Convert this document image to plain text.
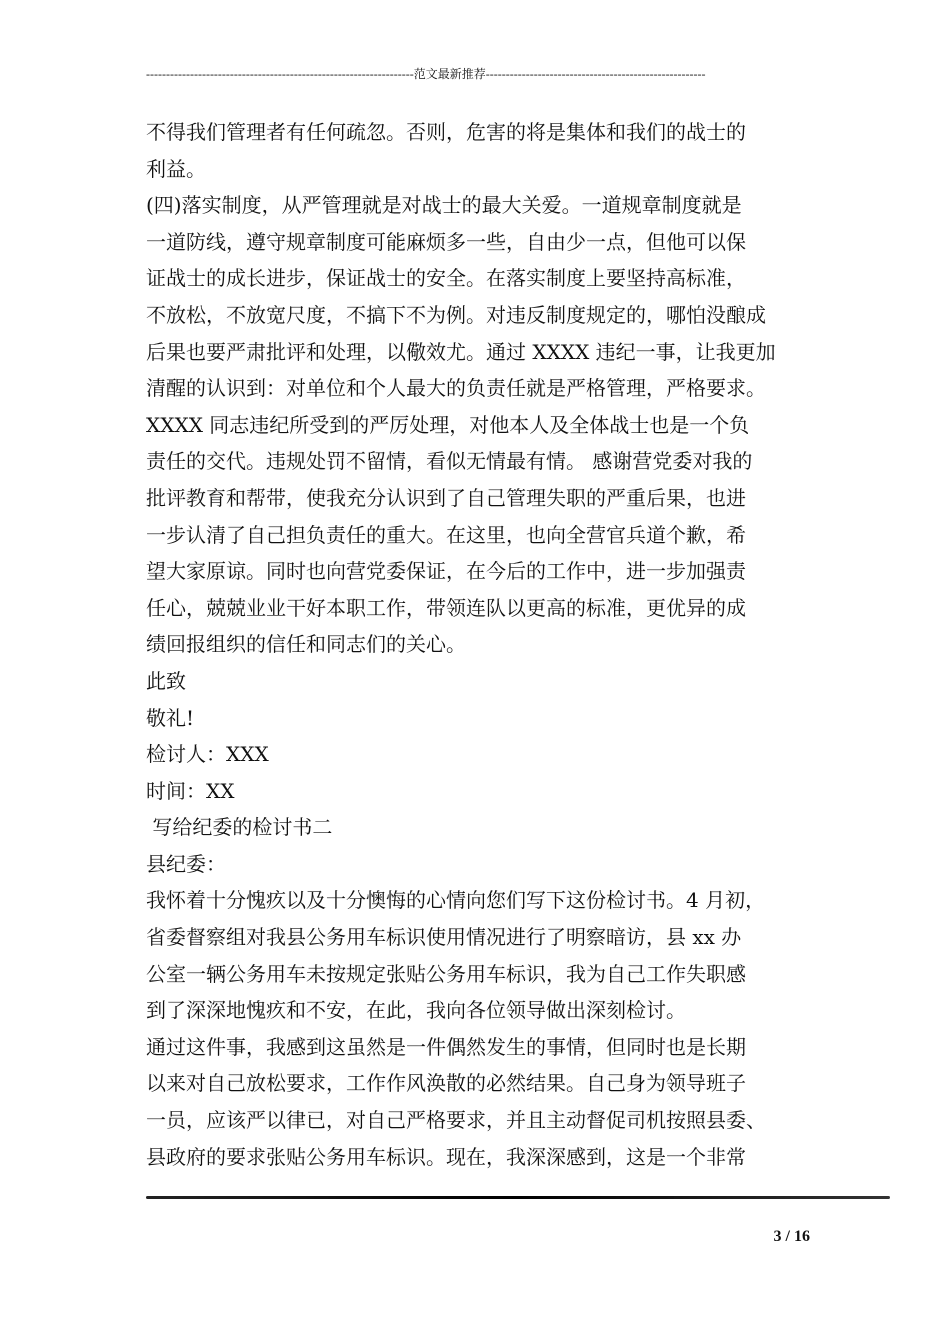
-------------------------------------------------------------------范文最新推荐-------------------------------------------------------
不得我们管理者有任何疏忽。否则，危害的将是集体和我们的战士的
利益。
(四)落实制度，从严管理就是对战士的最大关爱。一道规章制度就是
一道防线，遵守规章制度可能麻烦多一些，自由少一点，但他可以保
证战士的成长进步，保证战士的安全。在落实制度上要坚持高标准，
不放松，不放宽尺度，不搞下不为例。对违反制度规定的，哪怕没酿成
后果也要严肃批评和处理，以儆效尤。通过 XXXX 违纪一事，让我更加
清醒的认识到：对单位和个人最大的负责任就是严格管理，严格要求。
XXXX 同志违纪所受到的严厉处理，对他本人及全体战士也是一个负
责任的交代。违规处罚不留情，看似无情最有情。 感谢营党委对我的
批评教育和帮带，使我充分认识到了自己管理失职的严重后果，也进
一步认清了自己担负责任的重大。在这里，也向全营官兵道个歉，希
望大家原谅。同时也向营党委保证，在今后的工作中，进一步加强责
任心，兢兢业业干好本职工作，带领连队以更高的标准，更优异的成
绩回报组织的信任和同志们的关心。
此致
敬礼!
检讨人：XXX
时间：XX
写给纪委的检讨书二
县纪委：
我怀着十分愧疚以及十分懊悔的心情向您们写下这份检讨书。4 月初，
省委督察组对我县公务用车标识使用情况进行了明察暗访，县 xx 办
公室一辆公务用车未按规定张贴公务用车标识，我为自己工作失职感
到了深深地愧疚和不安，在此，我向各位领导做出深刻检讨。
通过这件事，我感到这虽然是一件偶然发生的事情，但同时也是长期
以来对自己放松要求，工作作风涣散的必然结果。自己身为领导班子
一员，应该严以律已，对自己严格要求，并且主动督促司机按照县委、
县政府的要求张贴公务用车标识。现在，我深深感到，这是一个非常
3 / 16
